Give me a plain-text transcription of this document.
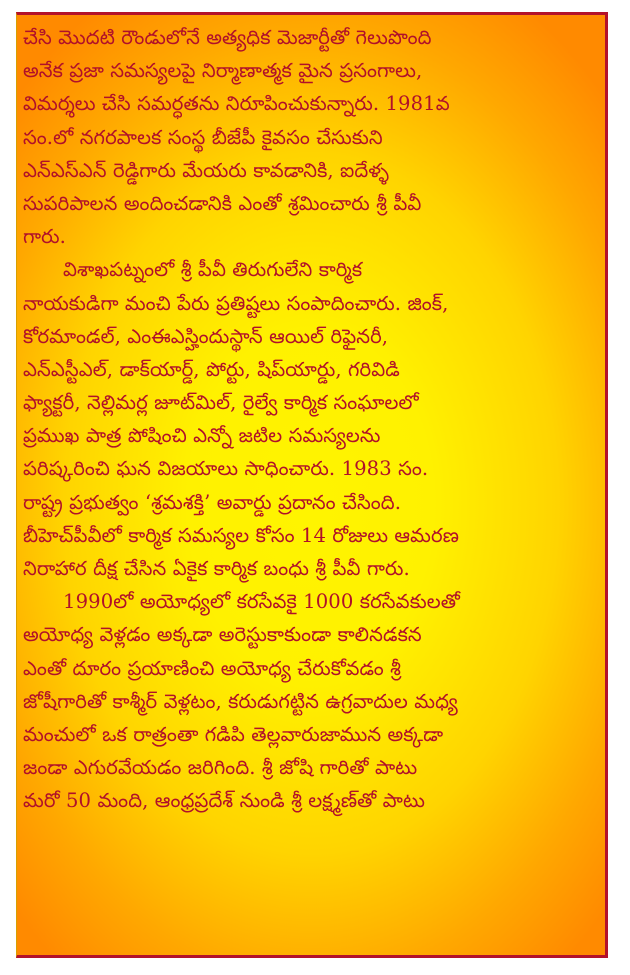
చేసి మొదటి రౌండులోనే అత్యధిక మెజార్టీతో గెలుపొంది
అనేక ప్రజా సమస్యలపై నిర్మాణాత్మక మైన ప్రసంగాలు,
విమర్శలు చేసి సమర్ధతను నిరూపించుకున్నారు. 1981వ
సం.లో నగరపాలక సంస్థ బీజేపీ కైవసం చేసుకుని
ఎన్ఎస్ఎన్ రెడ్డిగారు మేయరు కావడానికి, ఐదేళ్ళ
సుపరిపాలన అందించడానికి ఎంతో శ్రమించారు శ్రీ పీవీ
గారు.
విశాఖపట్నంలో శ్రీ పీవీ తిరుగులేని కార్మిక
నాయకుడిగా మంచి పేరు ప్రతిష్టలు సంపాదించారు. జింక్,
కోరమాండల్, ఎంఈఎస్హిందుస్థాన్ ఆయిల్ రిఫైనరీ,
ఎన్ఎస్టీఎల్, డాక్‌యార్డ్, పోర్టు, షిప్‌యార్డు, గరివిడి
ఫ్యాక్టరీ, నెల్లిమర్ల జూట్‌మిల్, రైల్వే కార్మిక సంఘాలలో
ప్రముఖ పాత్ర పోషించి ఎన్నో జటిల సమస్యలను
పరిష్కరించి ఘన విజయాలు సాధించారు. 1983 సం.
రాష్ట్ర ప్రభుత్వం ‘శ్రమశక్తి’ అవార్డు ప్రదానం చేసింది.
బీహెచ్‌పీవీలో కార్మిక సమస్యల కోసం 14 రోజులు ఆమరణ
నిరాహార దీక్ష చేసిన ఏకైక కార్మిక బంధు శ్రీ పీవీ గారు.
1990లో అయోధ్యలో కరసేవకై 1000 కరసేవకులతో
అయోధ్య వెళ్లడం అక్కడా అరెస్టుకాకుండా కాలినడకన
ఎంతో దూరం ప్రయాణించి అయోధ్య చేరుకోవడం శ్రీ
జోషీగారితో కాశ్మీర్ వెళ్లటం, కరుడుగట్టిన ఉగ్రవాదుల మధ్య
మంచులో ఒక రాత్రంతా గడిపి తెల్లవారుజామున అక్కడా
జండా ఎగురవేయడం జరిగింది. శ్రీ జోషి గారితో పాటు
మరో 50 మంది, ఆంధ్రప్రదేశ్ నుండి శ్రీ లక్ష్మణ్‌తో పాటు
